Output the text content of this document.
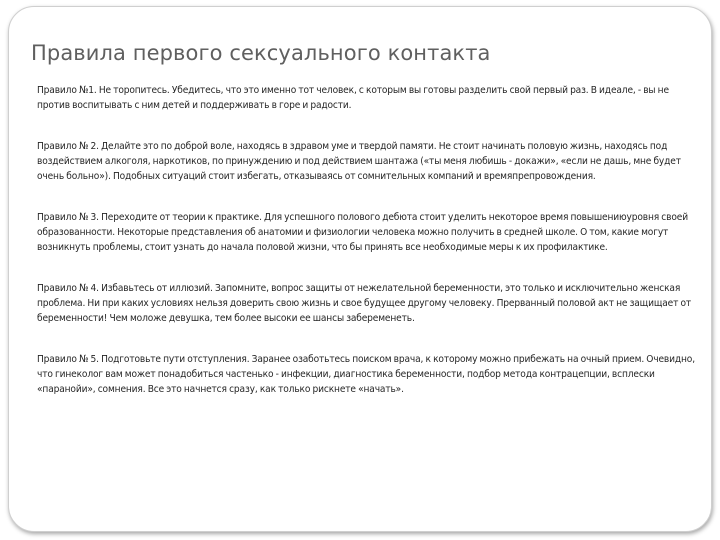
Правила первого сексуального контакта

Правило №1. Не торопитесь. Убедитесь, что это именно тот человек, с которым вы готовы разделить свой первый раз. В идеале, - вы не против воспитывать с ним детей и поддерживать в горе и радости.

Правило № 2. Делайте это по доброй воле, находясь в здравом уме и твердой памяти. Не стоит начинать половую жизнь, находясь под воздействием алкоголя, наркотиков, по принуждению и под действием шантажа («ты меня любишь - докажи», «если не дашь, мне будет очень больно»). Подобных ситуаций стоит избегать, отказываясь от сомнительных компаний и времяпрепровождения.

Правило № 3. Переходите от теории к практике. Для успешного полового дебюта стоит уделить некоторое время повышениюуровня своей образованности. Некоторые представления об анатомии и физиологии человека можно получить в средней школе. О том, какие могут возникнуть проблемы, стоит узнать до начала половой жизни, что бы принять все необходимые меры к их профилактике.

Правило № 4. Избавьтесь от иллюзий. Запомните, вопрос защиты от нежелательной беременности, это только и исключительно женская проблема. Ни при каких условиях нельзя доверить свою жизнь и свое будущее другому человеку. Прерванный половой акт не защищает от беременности! Чем моложе девушка, тем более высоки ее шансы забеременеть.

Правило № 5. Подготовьте пути отступления. Заранее озаботьтесь поиском врача, к которому можно прибежать на очный прием. Очевидно, что гинеколог вам может понадобиться частенько - инфекции, диагностика беременности, подбор метода контрацепции, всплески «паранойи», сомнения. Все это начнется сразу, как только рискнете «начать».
